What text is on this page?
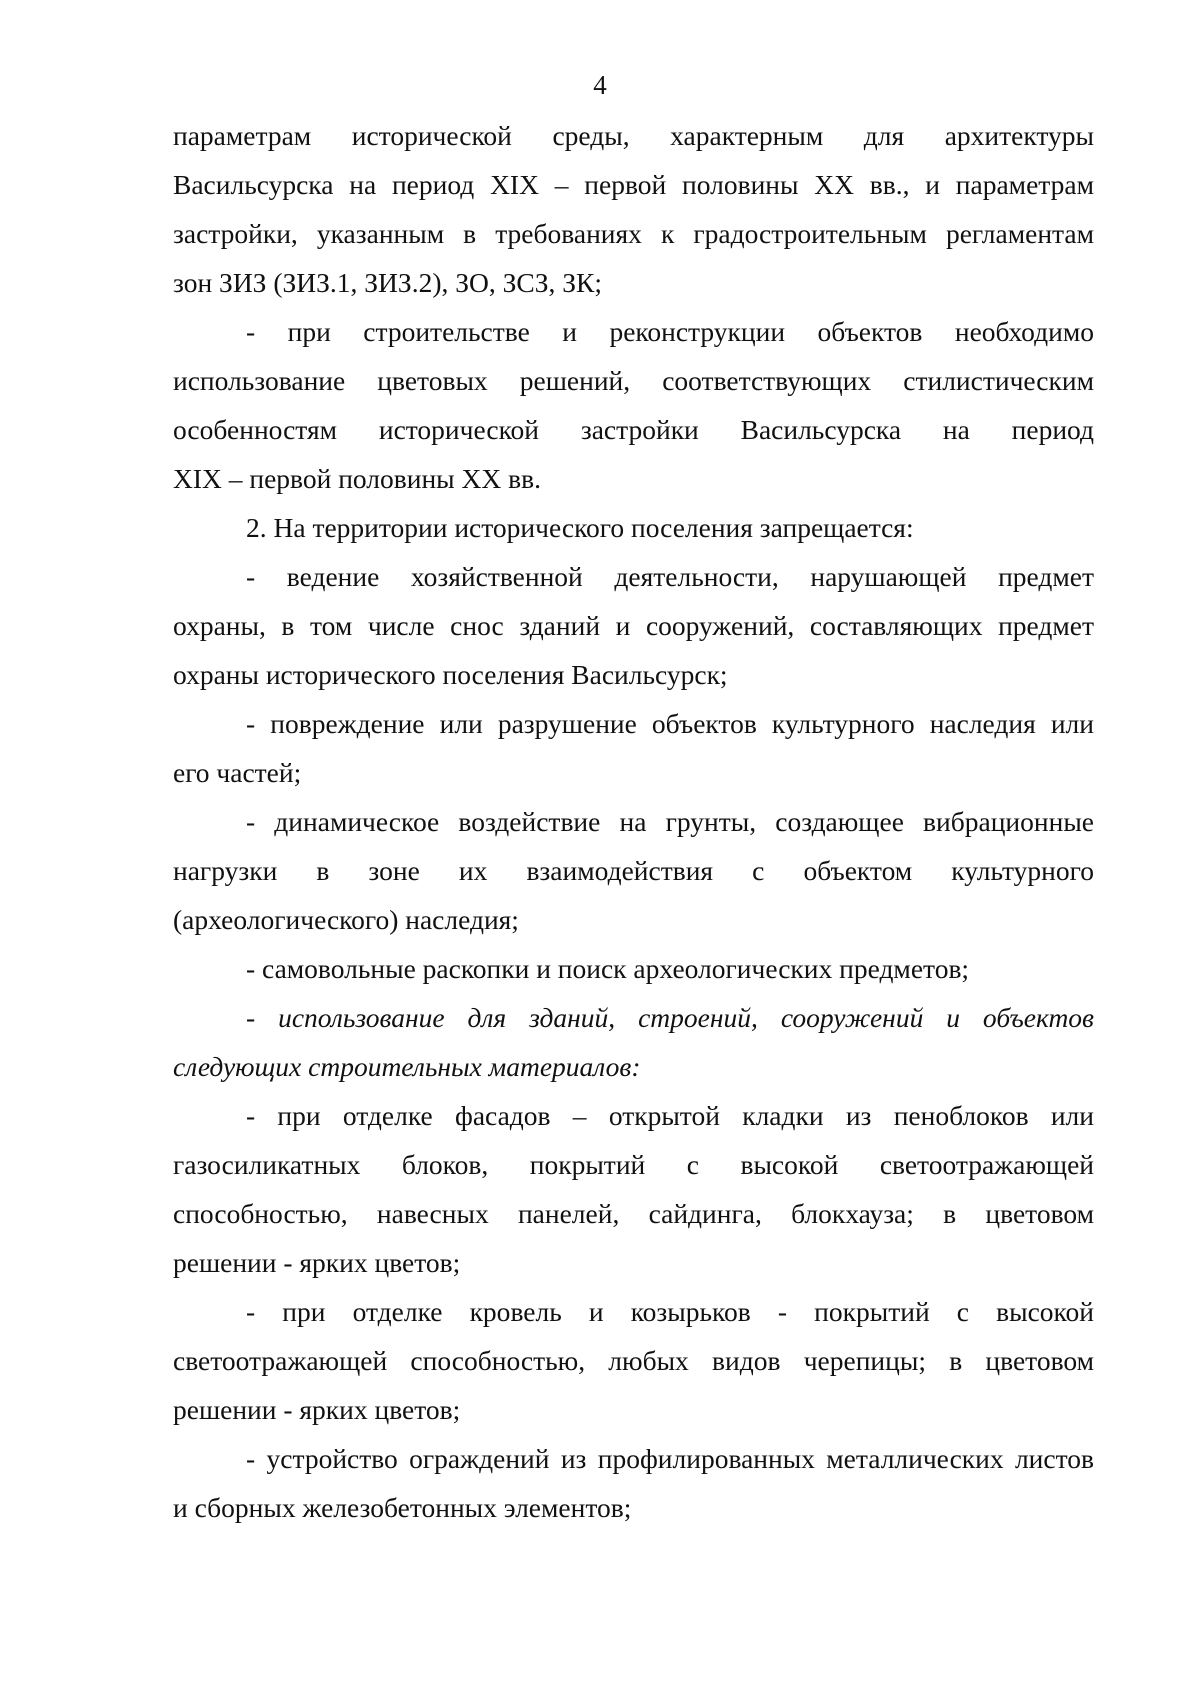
4
параметрам исторической среды, характерным для архитектуры
Васильсурска на период XIX – первой половины XX вв., и параметрам
застройки, указанным в требованиях к градостроительным регламентам
зон ЗИЗ (ЗИЗ.1, ЗИЗ.2), ЗО, ЗСЗ, ЗК;
- при строительстве и реконструкции объектов необходимо
использование цветовых решений, соответствующих стилистическим
особенностям исторической застройки Васильсурска на период
XIX – первой половины XX вв.
2. На территории исторического поселения запрещается:
- ведение хозяйственной деятельности, нарушающей предмет
охраны, в том числе снос зданий и сооружений, составляющих предмет
охраны исторического поселения Васильсурск;
- повреждение или разрушение объектов культурного наследия или
его частей;
- динамическое воздействие на грунты, создающее вибрационные
нагрузки в зоне их взаимодействия с объектом культурного
(археологического) наследия;
- самовольные раскопки и поиск археологических предметов;
- использование для зданий, строений, сооружений и объектов
следующих строительных материалов:
- при отделке фасадов – открытой кладки из пеноблоков или
газосиликатных блоков, покрытий с высокой светоотражающей
способностью, навесных панелей, сайдинга, блокхауза; в цветовом
решении - ярких цветов;
- при отделке кровель и козырьков - покрытий с высокой
светоотражающей способностью, любых видов черепицы; в цветовом
решении - ярких цветов;
- устройство ограждений из профилированных металлических листов
и сборных железобетонных элементов;
